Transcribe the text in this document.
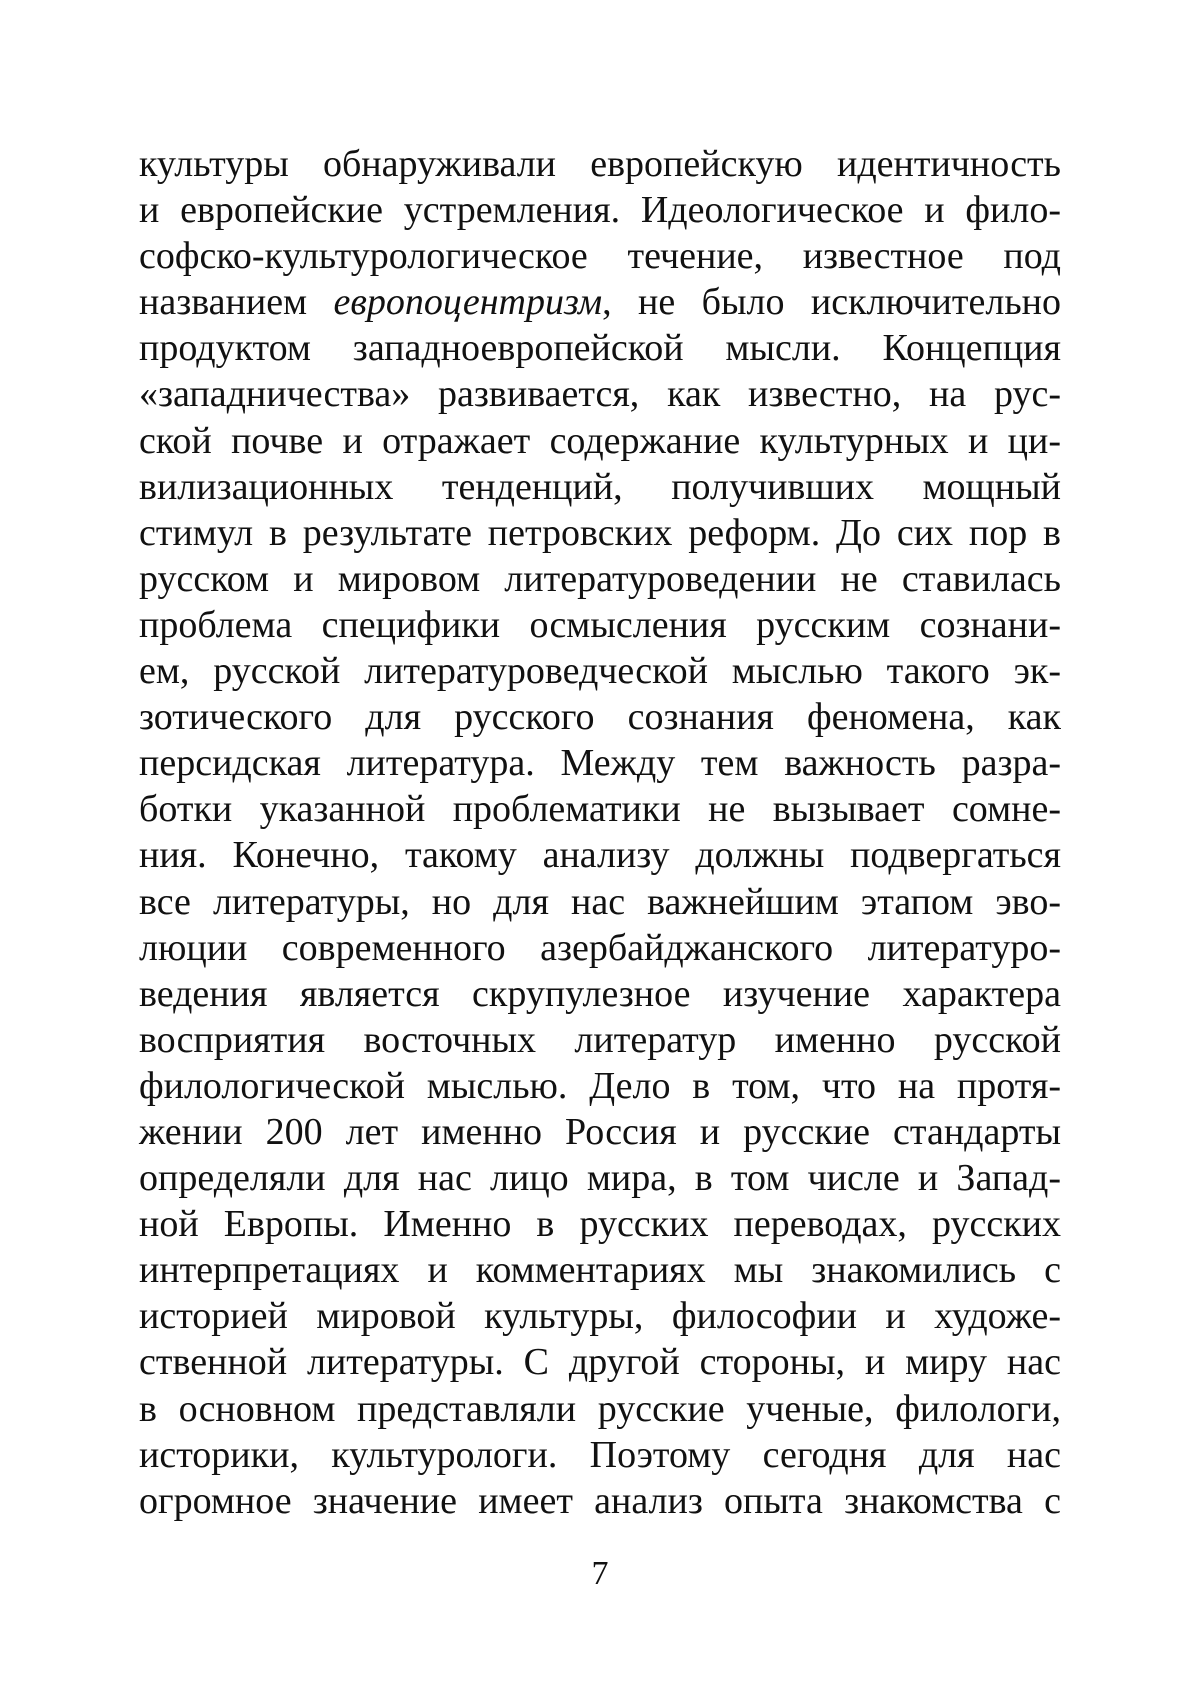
культуры обнаруживали европейскую идентичность
и европейские устремления. Идеологическое и фило-
софско-культурологическое течение, известное под
названием европоцентризм, не было исключительно
продуктом западноевропейской мысли. Концепция
«западничества» развивается, как известно, на рус-
ской почве и отражает содержание культурных и ци-
вилизационных тенденций, получивших мощный
стимул в результате петровских реформ. До сих пор в
русском и мировом литературоведении не ставилась
проблема специфики осмысления русским сознани-
ем, русской литературоведческой мыслью такого эк-
зотического для русского сознания феномена, как
персидская литература. Между тем важность разра-
ботки указанной проблематики не вызывает сомне-
ния. Конечно, такому анализу должны подвергаться
все литературы, но для нас важнейшим этапом эво-
люции современного азербайджанского литературо-
ведения является скрупулезное изучение характера
восприятия восточных литератур именно русской
филологической мыслью. Дело в том, что на протя-
жении 200 лет именно Россия и русские стандарты
определяли для нас лицо мира, в том числе и Запад-
ной Европы. Именно в русских переводах, русских
интерпретациях и комментариях мы знакомились с
историей мировой культуры, философии и художе-
ственной литературы. С другой стороны, и миру нас
в основном представляли русские ученые, филологи,
историки, культурологи. Поэтому сегодня для нас
огромное значение имеет анализ опыта знакомства с
7
